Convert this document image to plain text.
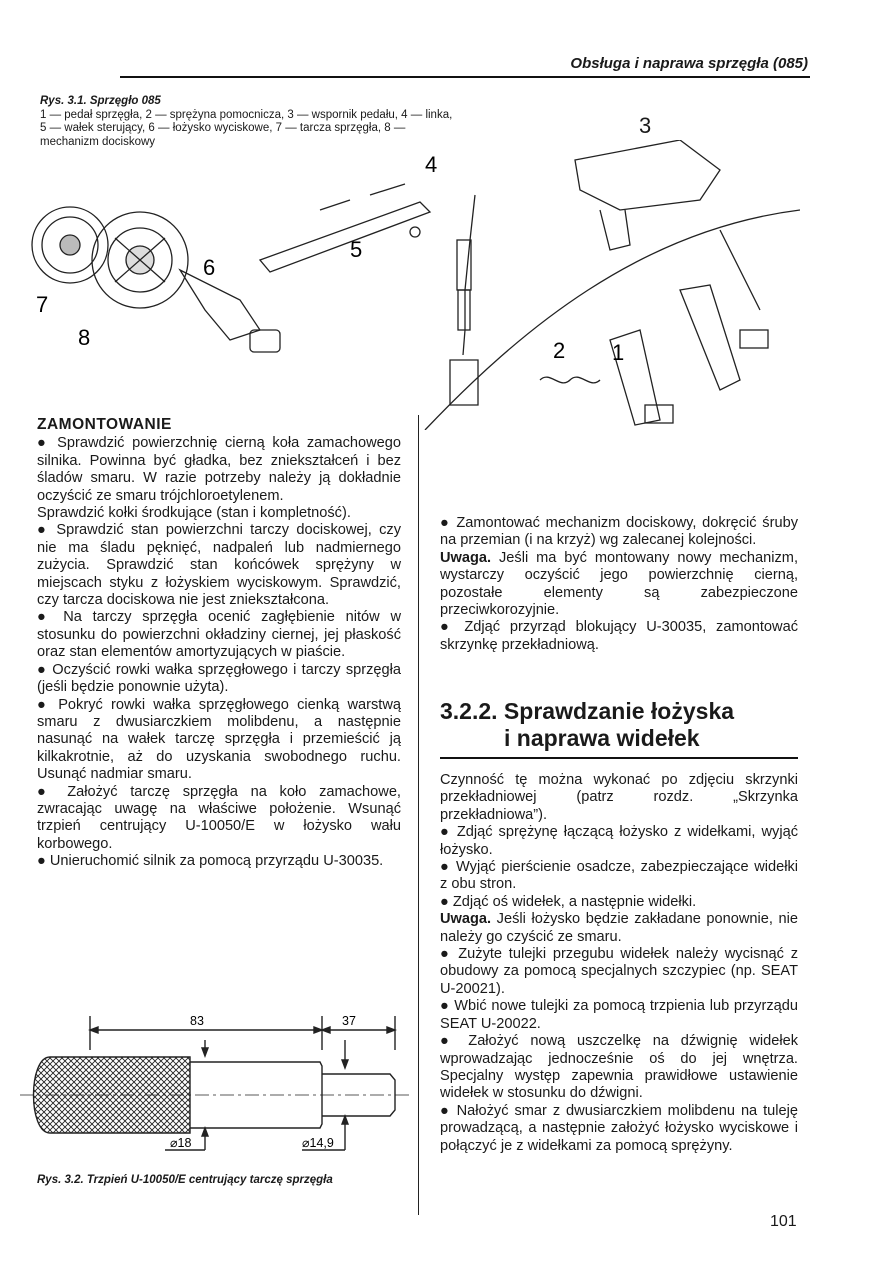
Obsługa i naprawa sprzęgła (085)
Rys. 3.1. Sprzęgło 085
1 — pedał sprzęgła, 2 — sprężyna pomocnicza, 3 — wspornik pedału, 4 — linka, 5 — wałek sterujący, 6 — łożysko wyciskowe, 7 — tarcza sprzęgła, 8 — mechanizm dociskowy
1
2
4
5
6
7
8
3
ZAMONTOWANIE

● Sprawdzić powierzchnię cierną koła zamachowego silnika. Powinna być gładka, bez zniekształceń i bez śladów smaru. W razie potrzeby należy ją dokładnie oczyścić ze smaru trójchloroetylenem.

Sprawdzić kołki środkujące (stan i kompletność).

● Sprawdzić stan powierzchni tarczy dociskowej, czy nie ma śladu pęknięć, nadpaleń lub nadmiernego zużycia. Sprawdzić stan końcówek sprężyny w miejscach styku z łożyskiem wyciskowym. Sprawdzić, czy tarcza dociskowa nie jest zniekształcona.

● Na tarczy sprzęgła ocenić zagłębienie nitów w stosunku do powierzchni okładziny ciernej, jej płaskość oraz stan elementów amortyzujących w piaście.

● Oczyścić rowki wałka sprzęgłowego i tarczy sprzęgła (jeśli będzie ponownie użyta).

● Pokryć rowki wałka sprzęgłowego cienką warstwą smaru z dwusiarczkiem molibdenu, a następnie nasunąć na wałek tarczę sprzęgła i przemieścić ją kilkakrotnie, aż do uzyskania swobodnego ruchu. Usunąć nadmiar smaru.

● Założyć tarczę sprzęgła na koło zamachowe, zwracając uwagę na właściwe położenie. Wsunąć trzpień centrujący U-10050/E w łożysko wału korbowego.

● Unieruchomić silnik za pomocą przyrządu U-30035.

● Zamontować mechanizm dociskowy, dokręcić śruby na przemian (i na krzyż) wg zalecanej kolejności.

Uwaga. Jeśli ma być montowany nowy mechanizm, wystarczy oczyścić jego powierzchnię cierną, pozostałe elementy są zabezpieczone przeciwkorozyjnie.

● Zdjąć przyrząd blokujący U-30035, zamontować skrzynkę przekładniową.

3.2.2. Sprawdzanie łożyska
i naprawa widełek

Czynność tę można wykonać po zdjęciu skrzynki przekładniowej (patrz rozdz. „Skrzynka przekładniowa”).

● Zdjąć sprężynę łączącą łożysko z widełkami, wyjąć łożysko.

● Wyjąć pierścienie osadcze, zabezpieczające widełki z obu stron.

● Zdjąć oś widełek, a następnie widełki.

Uwaga. Jeśli łożysko będzie zakładane ponownie, nie należy go czyścić ze smaru.

● Zużyte tulejki przegubu widełek należy wycisnąć z obudowy za pomocą specjalnych szczypiec (np. SEAT U-20021).

● Wbić nowe tulejki za pomocą trzpienia lub przyrządu SEAT U-20022.

● Założyć nową uszczelkę na dźwignię widełek wprowadzając jednocześnie oś do jej wnętrza. Specjalny występ zapewnia prawidłowe ustawienie widełek w stosunku do dźwigni.

● Nałożyć smar z dwusiarczkiem molibdenu na tuleję prowadzącą, a następnie założyć łożysko wyciskowe i połączyć je z widełkami za pomocą sprężyny.

83	37
⌀18	⌀14,9
Rys. 3.2. Trzpień U-10050/E centrujący tarczę sprzęgła
101
